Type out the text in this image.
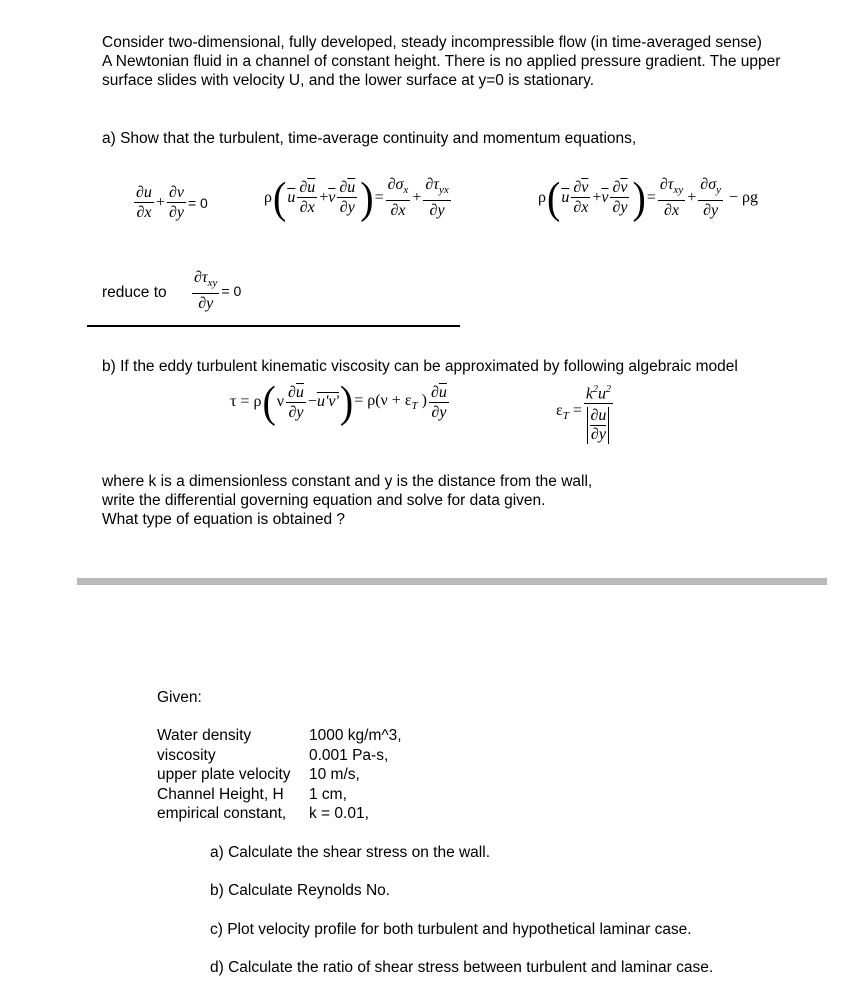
Consider two-dimensional, fully developed, steady incompressible flow (in time-averaged sense)
A Newtonian fluid in a channel of constant height. There is no applied pressure gradient. The upper
surface slides with velocity U, and the lower surface at y=0 is stationary.
a) Show that the turbulent, time-average continuity and momentum equations,
$\frac{\partial u}{\partial x} + \frac{\partial v}{\partial y} = 0$	ρ ( $\overline{u} \frac{\partial\overline{u}}{\partial x} + \overline{v} \frac{\partial\overline{u}}{\partial y}$ ) = $\frac{\partial\sigma_x}{\partial x} + \frac{\partial\tau_{yx}}{\partial y}$	ρ ( $\overline{u} \frac{\partial\overline{v}}{\partial x} + \overline{v} \frac{\partial\overline{v}}{\partial y}$ ) = $\frac{\partial\tau_{xy}}{\partial x} + \frac{\partial\sigma_y}{\partial y} - \rho g$
reduce to $\frac{\partial\tau_{xy}}{\partial y} = 0$
b) If the eddy turbulent kinematic viscosity can be approximated by following algebraic model
τ = ρ ( ν $\frac{\partial\overline{u}}{\partial y} - u'v'$ ) = $\rho(\nu + \varepsilon_T$ ) $\frac{\partial\overline{u}}{\partial y}$	$\varepsilon_T = \frac{k^2u^2}{\frac{\partial u}{\partial y}}$
where k is a dimensionless constant and y is the distance from the wall,
write the differential governing equation and solve for data given.
What type of equation is obtained ?
Given:
Water density	1000 kg/m^3,
viscosity	0.001 Pa-s,
upper plate velocity	10 m/s,
Channel Height, H	1 cm,
empirical constant,	k = 0.01,
a) Calculate the shear stress on the wall.
b) Calculate Reynolds No.
c) Plot velocity profile for both turbulent and hypothetical laminar case.
d) Calculate the ratio of shear stress between turbulent and laminar case.
